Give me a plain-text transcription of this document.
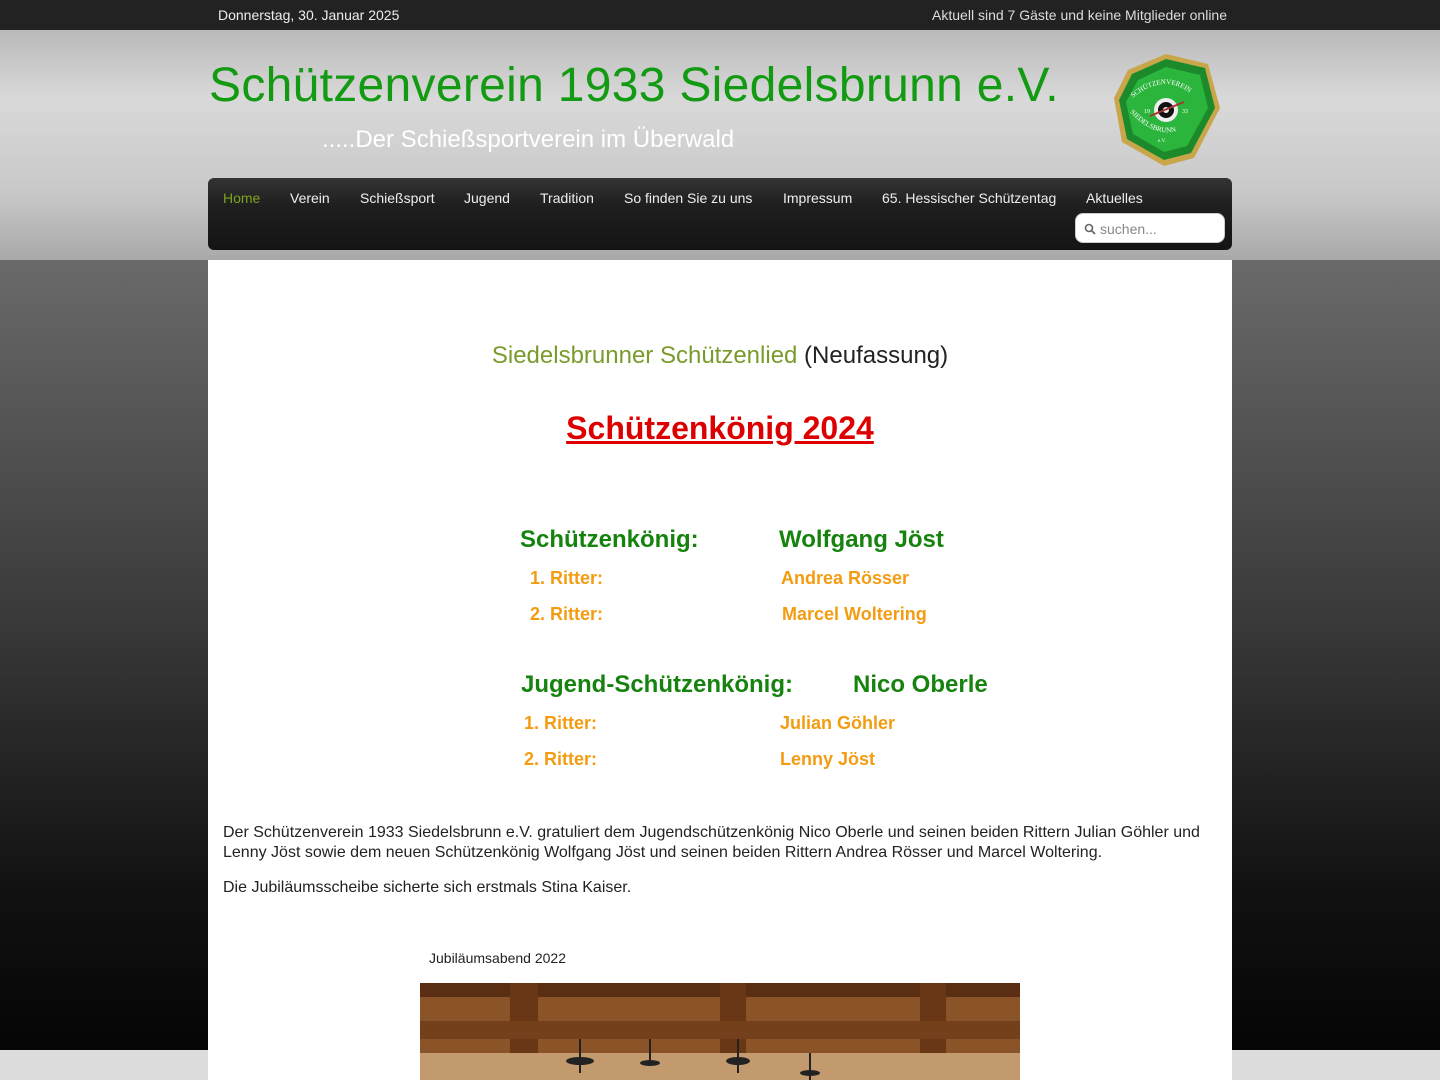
Donnerstag, 30. Januar 2025	Aktuell sind 7 Gäste und keine Mitglieder online
Schützenverein 1933 Siedelsbrunn e.V.
.....Der Schießsportverein im Überwald
SCHÜTZENVEREIN
SIEDELSBRUNN
19	33
e.V.
Home Verein Schießsport Jugend Tradition So finden Sie zu uns Impressum 65. Hessischer Schützentag Aktuelles
suchen...
Siedelsbrunner Schützenlied (Neufassung)
Schützenkönig 2024
Schützenkönig:	Wolfgang Jöst
1. Ritter:	Andrea Rösser
2. Ritter:	Marcel Woltering
Jugend-Schützenkönig:	Nico Oberle
1. Ritter:	Julian Göhler
2. Ritter:	Lenny Jöst

Der Schützenverein 1933 Siedelsbrunn e.V. gratuliert dem Jugendschützenkönig Nico Oberle und seinen beiden Rittern Julian Göhler und Lenny Jöst sowie dem neuen Schützenkönig Wolfgang Jöst und seinen beiden Rittern Andrea Rösser und Marcel Woltering.

Die Jubiläumsscheibe sicherte sich erstmals Stina Kaiser.

Jubiläumsabend 2022
